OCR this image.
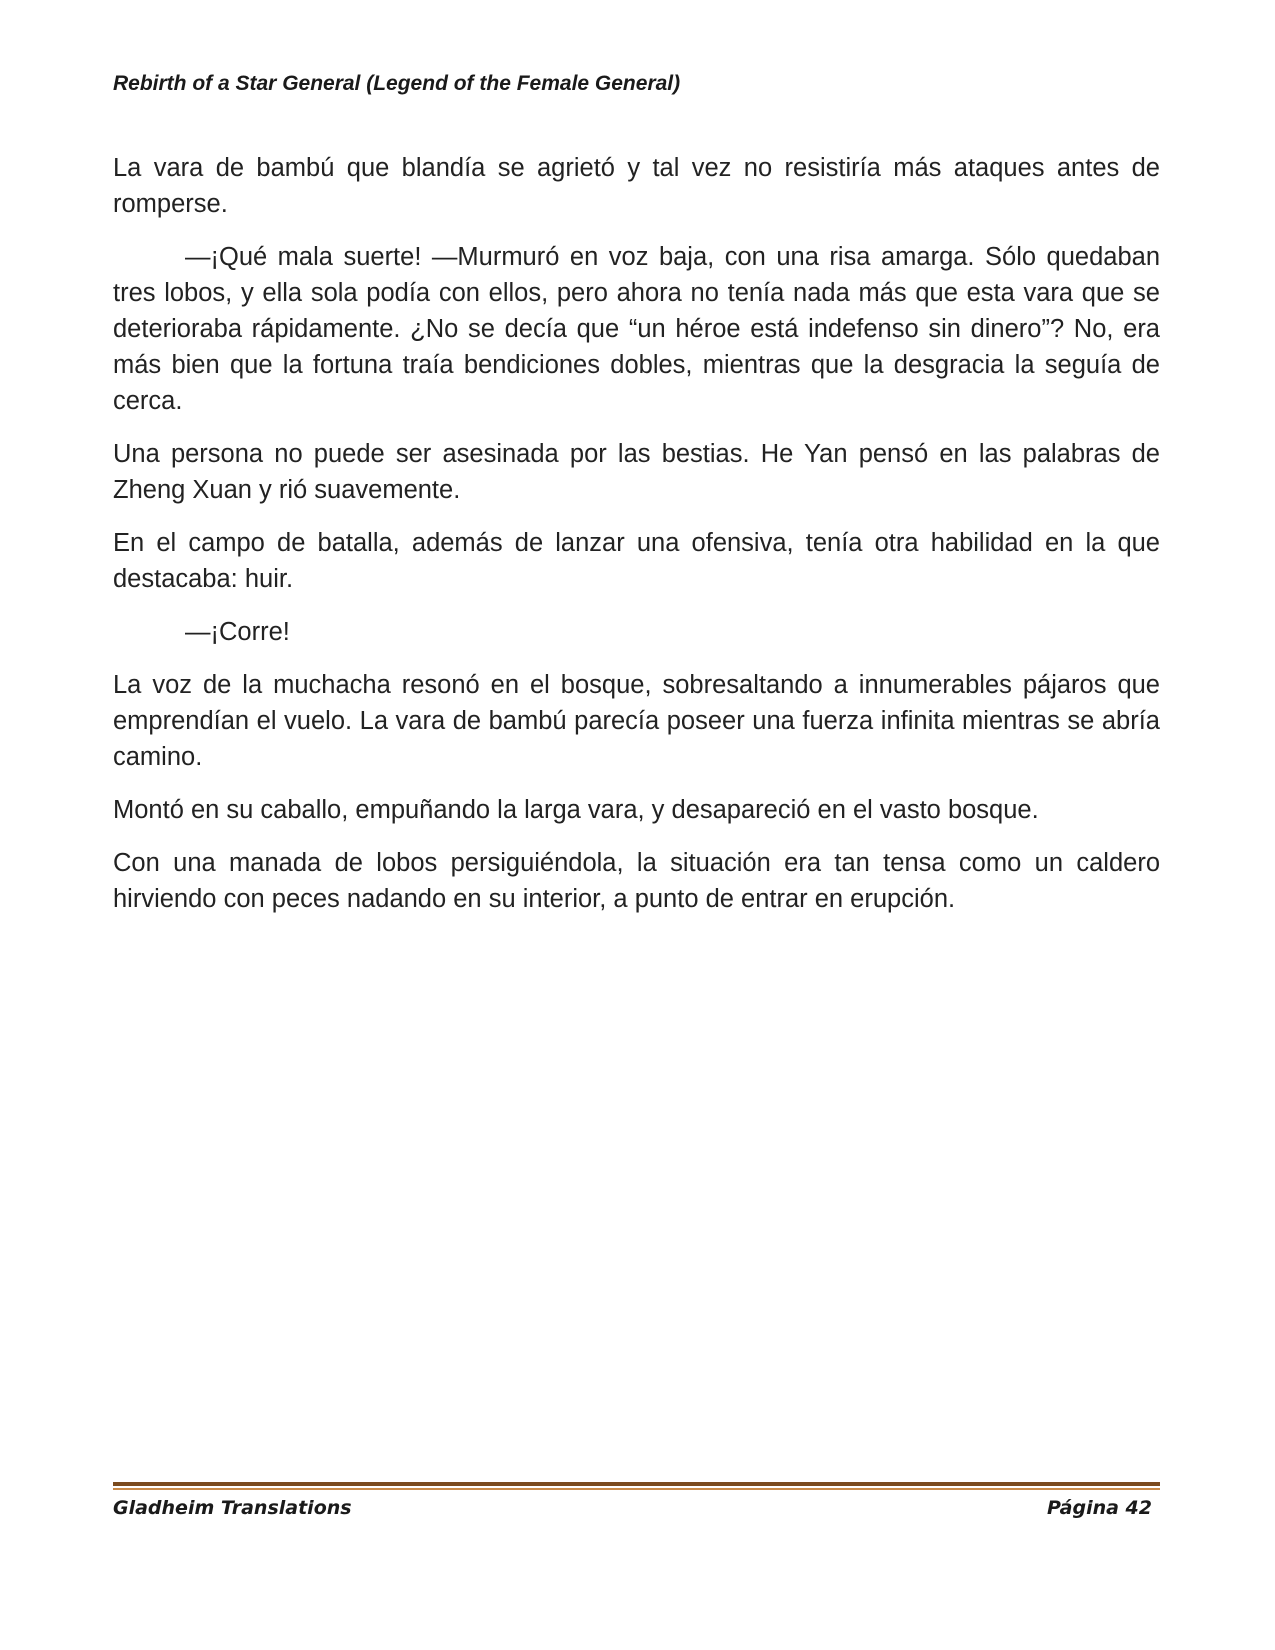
Rebirth of a Star General (Legend of the Female General)

La vara de bambú que blandía se agrietó y tal vez no resistiría más ataques antes de romperse.

—¡Qué mala suerte! —Murmuró en voz baja, con una risa amarga. Sólo quedaban tres lobos, y ella sola podía con ellos, pero ahora no tenía nada más que esta vara que se deterioraba rápidamente. ¿No se decía que “un héroe está indefenso sin dinero”? No, era más bien que la fortuna traía bendiciones dobles, mientras que la desgracia la seguía de cerca.

Una persona no puede ser asesinada por las bestias. He Yan pensó en las palabras de Zheng Xuan y rió suavemente.

En el campo de batalla, además de lanzar una ofensiva, tenía otra habilidad en la que destacaba: huir.

—¡Corre!

La voz de la muchacha resonó en el bosque, sobresaltando a innumerables pájaros que emprendían el vuelo. La vara de bambú parecía poseer una fuerza infinita mientras se abría camino.

Montó en su caballo, empuñando la larga vara, y desapareció en el vasto bosque.

Con una manada de lobos persiguiéndola, la situación era tan tensa como un caldero hirviendo con peces nadando en su interior, a punto de entrar en erupción.

Gladheim Translations	Página 42
